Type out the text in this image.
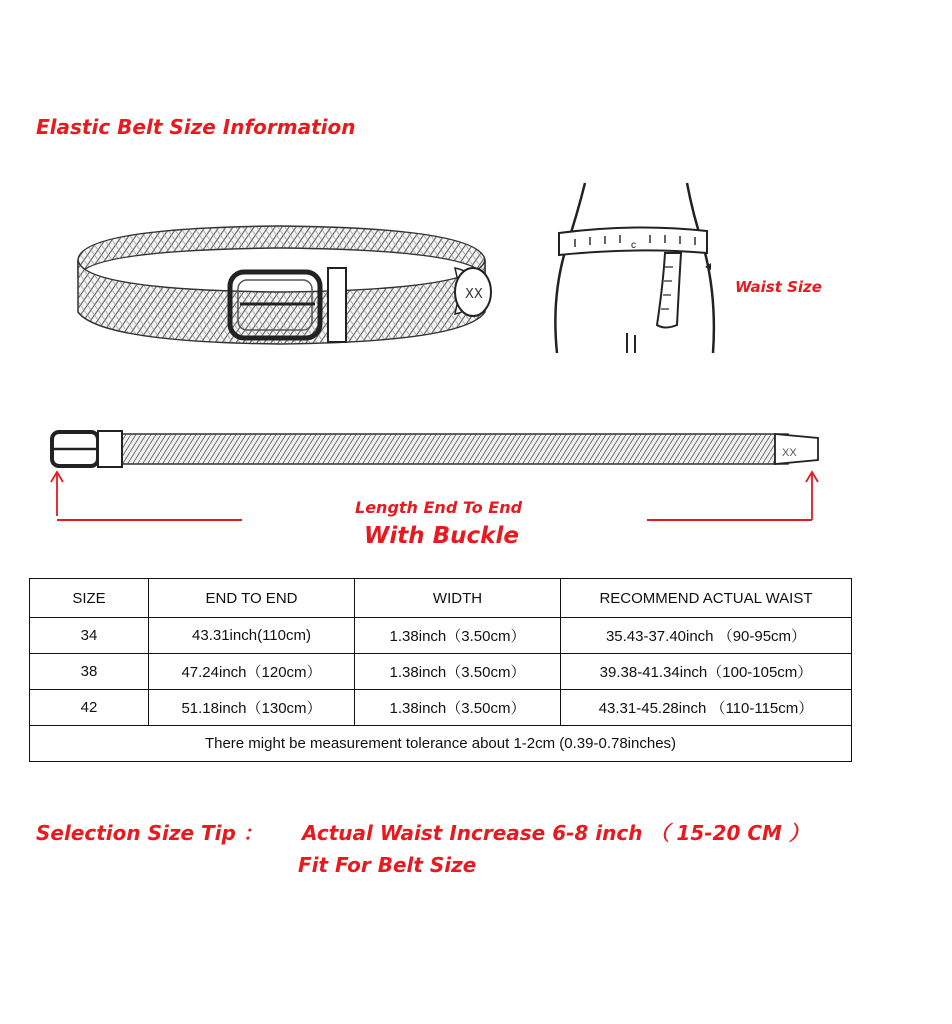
Elastic Belt Size Information
XX
c
Waist Size
XX
Length End To End
With Buckle
SIZE	END TO END	WIDTH	RECOMMEND ACTUAL WAIST
34	43.31inch(110cm)	1.38inch（3.50cm）	35.43-37.40inch （90-95cm）
38	47.24inch（120cm）	1.38inch（3.50cm）	39.38-41.34inch（100-105cm）
42	51.18inch（130cm）	1.38inch（3.50cm）	43.31-45.28inch （110-115cm）
There might be measurement tolerance about 1-2cm (0.39-0.78inches)			
Selection Size Tip ： Actual Waist Increase 6-8 inch （ 15-20 CM ）
Fit For Belt Size
